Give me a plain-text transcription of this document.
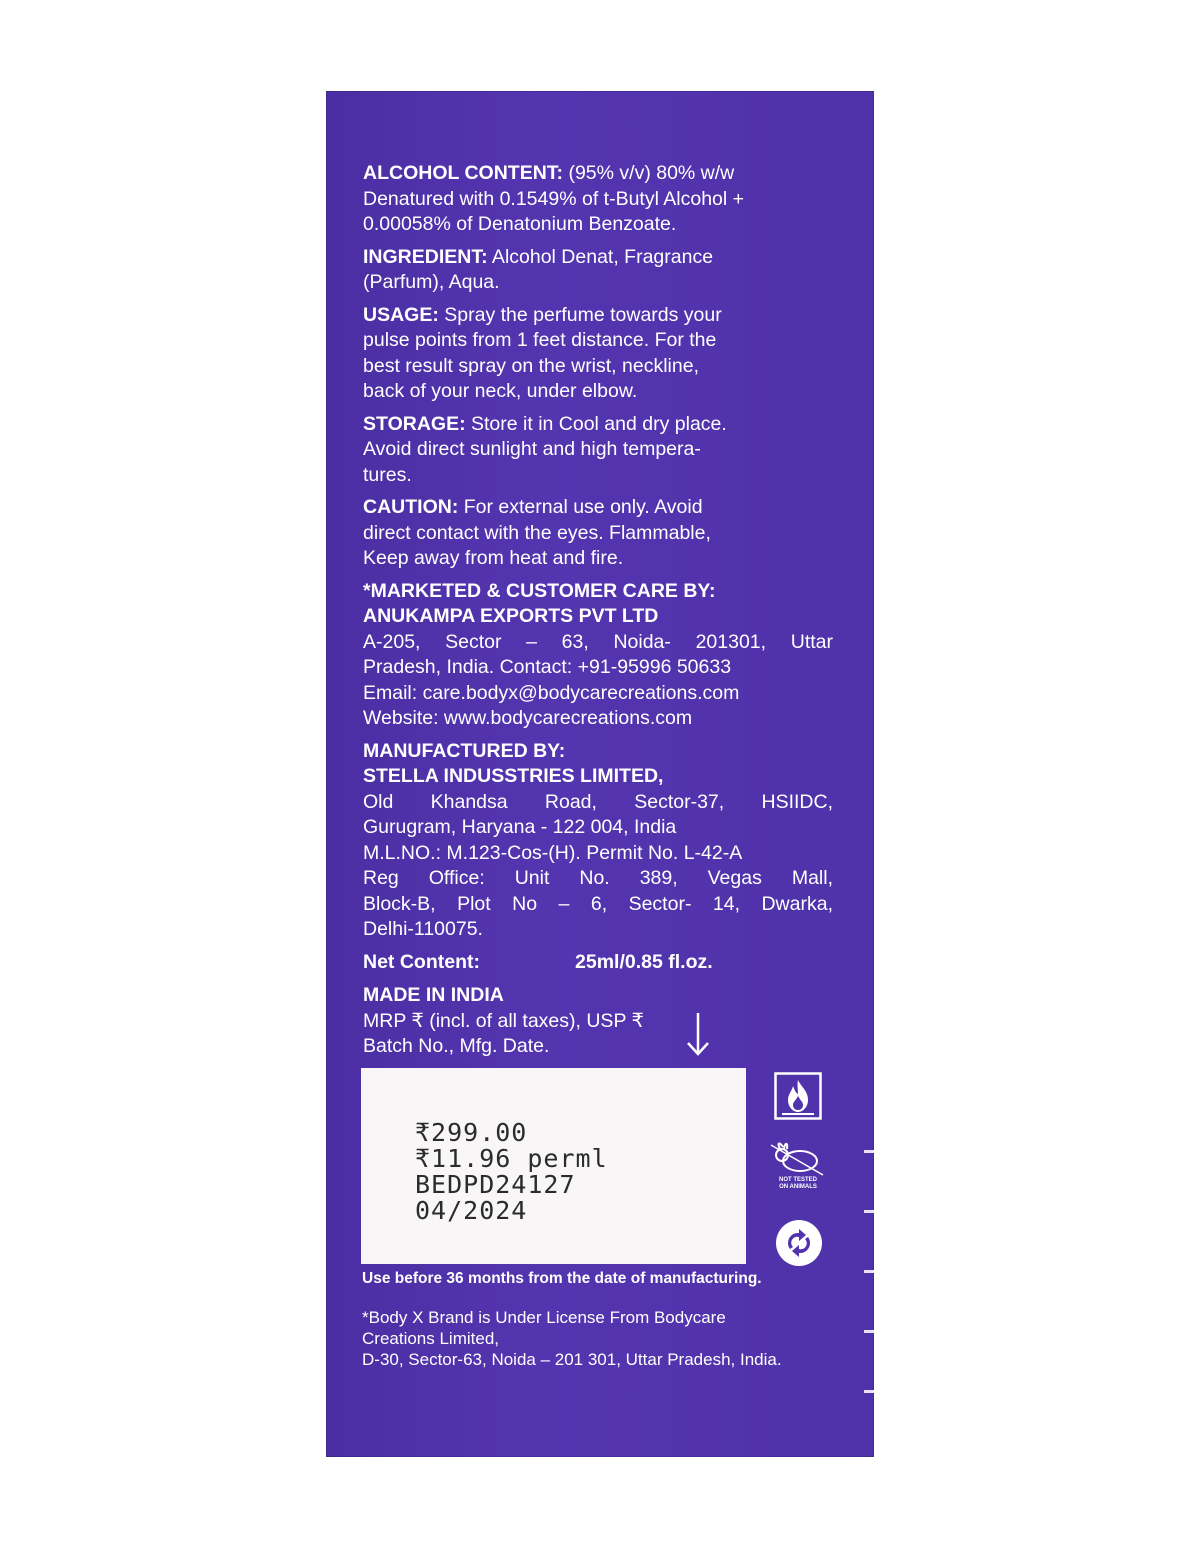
ALCOHOL CONTENT: (95% v/v) 80% w/w
Denatured with 0.1549% of t-Butyl Alcohol +
0.00058% of Denatonium Benzoate.
INGREDIENT: Alcohol Denat, Fragrance
(Parfum), Aqua.
USAGE: Spray the perfume towards your
pulse points from 1 feet distance. For the
best result spray on the wrist, neckline,
back of your neck, under elbow.
STORAGE: Store it in Cool and dry place.
Avoid direct sunlight and high tempera-
tures.
CAUTION: For external use only. Avoid
direct contact with the eyes. Flammable,
Keep away from heat and fire.
*MARKETED & CUSTOMER CARE BY:
ANUKAMPA EXPORTS PVT LTD
A-205, Sector – 63, Noida- 201301, Uttar
Pradesh, India. Contact: +91-95996 50633
Email: care.bodyx@bodycarecreations.com
Website: www.bodycarecreations.com
MANUFACTURED BY:
STELLA INDUSSTRIES LIMITED,
Old Khandsa Road, Sector-37, HSIIDC,
Gurugram, Haryana - 122 004, India
M.L.NO.: M.123-Cos-(H). Permit No. L-42-A
Reg Office: Unit No. 389, Vegas Mall,
Block-B, Plot No – 6, Sector- 14, Dwarka,
Delhi-110075.
Net Content:	25ml/0.85 fl.oz.
MADE IN INDIA
MRP ₹ (incl. of all taxes), USP ₹
Batch No., Mfg. Date.
₹299.00
₹11.96 perml
BEDPD24127
04/2024
NOT TESTED
ON ANIMALS
Use before 36 months from the date of manufacturing.
*Body X Brand is Under License From Bodycare
Creations Limited,
D-30, Sector-63, Noida – 201 301, Uttar Pradesh, India.
